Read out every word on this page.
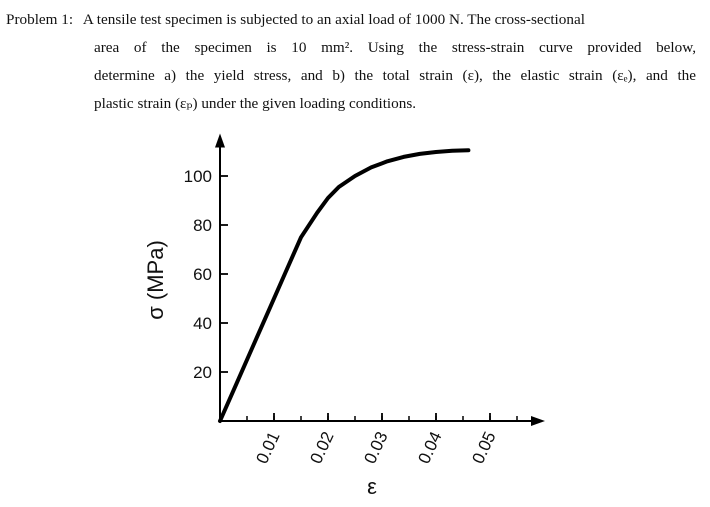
Problem 1: A tensile test specimen is subjected to an axial load of 1000 N. The cross-sectional
area of the specimen is 10 mm². Using the stress-strain curve provided below,
determine a) the yield stress, and b) the total strain (ε), the elastic strain (εₑ), and the
plastic strain (εₚ) under the given loading conditions.
0.01 0.02 0.03 0.04 0.05
20
40
60
80
100
ε
σ (MPa)
